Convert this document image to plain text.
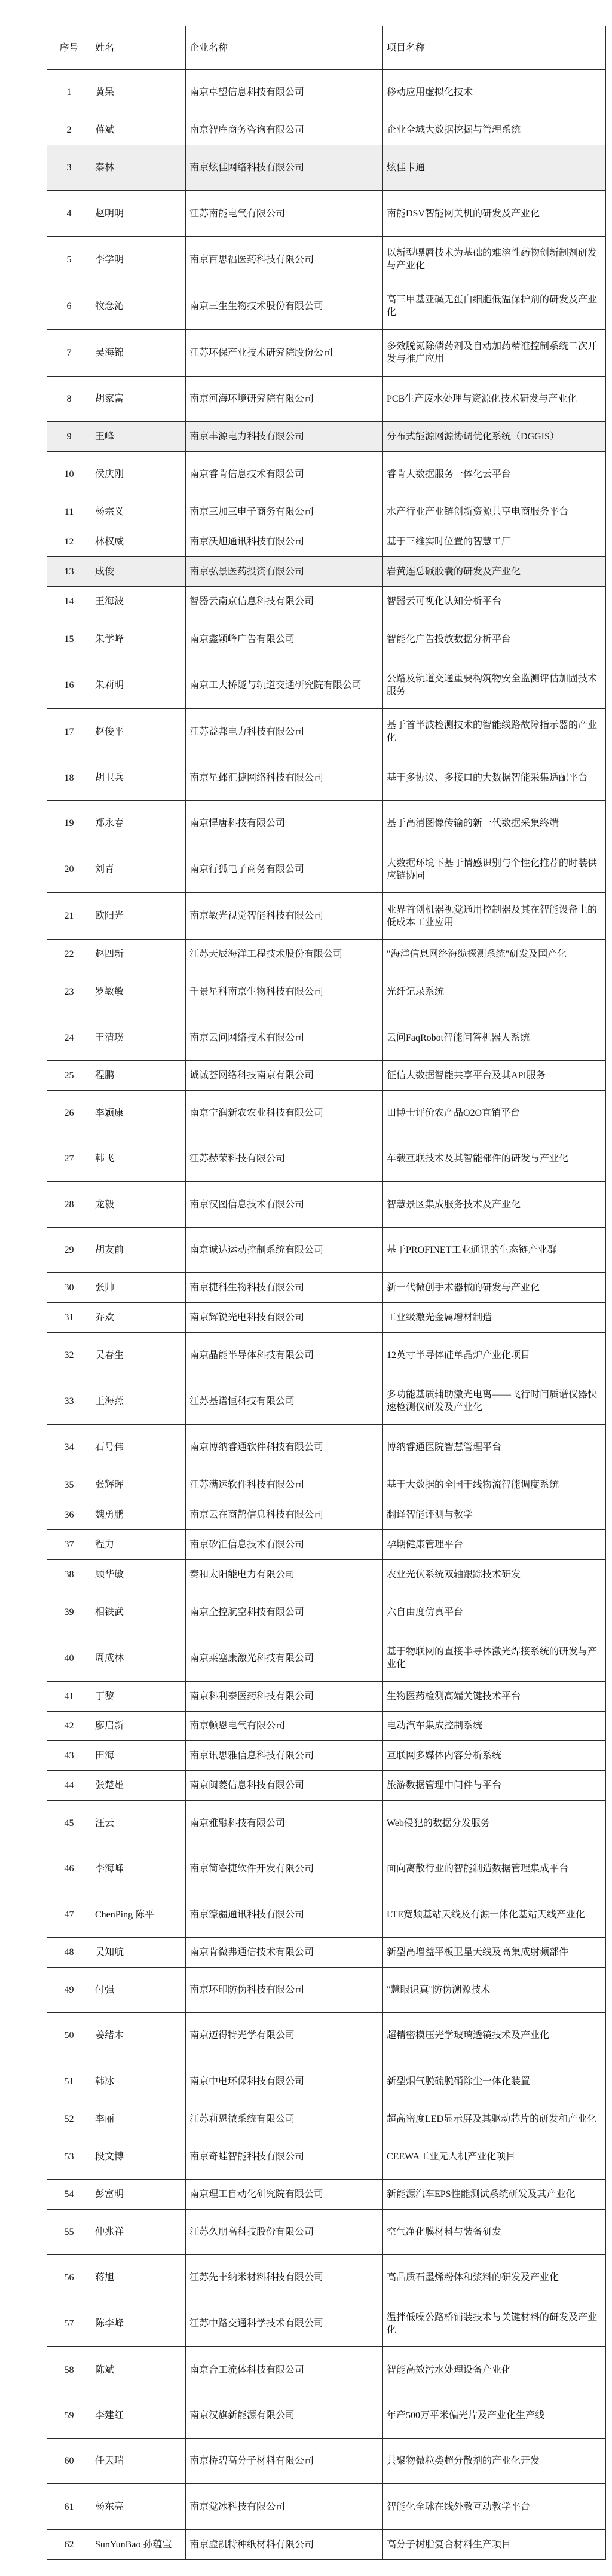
序号	姓名	企业名称	项目名称
1	黄呆	南京卓望信息科技有限公司	移动应用虚拟化技术
2	蒋斌	南京智库商务咨询有限公司	企业全域大数据挖掘与管理系统
3	秦林	南京炫佳网络科技有限公司	炫佳卡通
4	赵明明	江苏南能电气有限公司	南能DSV智能网关机的研发及产业化
5	李学明	南京百思福医药科技有限公司	以新型嘌唇技术为基础的难溶性药物创新制剂研发与产业化
6	牧念沁	南京三生生物技术股份有限公司	高三甲基亚碱无蛋白细胞低温保护剂的研发及产业化
7	吴海锦	江苏环保产业技术研究院股份公司	多效脱氮除磷药剂及自动加药精准控制系统二次开发与推广应用
8	胡家富	南京河海环境研究院有限公司	PCB生产废水处理与资源化技术研发与产业化
9	王峰	南京丰源电力科技有限公司	分布式能源网源协调优化系统（DGGIS）
10	侯庆刚	南京睿肯信息技术有限公司	睿肯大数据服务一体化云平台
11	杨宗义	南京三加三电子商务有限公司	水产行业产业链创新资源共享电商服务平台
12	林权威	南京沃旭通讯科技有限公司	基于三维实时位置的智慧工厂
13	成俊	南京弘景医药投资有限公司	岩黄连总碱胶囊的研发及产业化
14	王海波	智器云南京信息科技有限公司	智器云可视化认知分析平台
15	朱学峰	南京鑫颖峰广告有限公司	智能化广告投放数据分析平台
16	朱莉明	南京工大桥隧与轨道交通研究院有限公司	公路及轨道交通重要构筑物安全监测评估加固技术服务
17	赵俊平	江苏益邦电力科技有限公司	基于首半波检测技术的智能线路故障指示器的产业化
18	胡卫兵	南京星邺汇捷网络科技有限公司	基于多协议、多接口的大数据智能采集适配平台
19	郑永春	南京悍唐科技有限公司	基于高清图像传输的新一代数据采集终端
20	刘青	南京行狐电子商务有限公司	大数据环境下基于情感识别与个性化推荐的时装供应链协同
21	欧阳光	南京敏光视觉智能科技有限公司	业界首创机器视觉通用控制器及其在智能设备上的低成本工业应用
22	赵四新	江苏天辰海洋工程技术股份有限公司	"海洋信息网络海缆探测系统"研发及国产化
23	罗敏敏	千景星科南京生物科技有限公司	光纤记录系统
24	王清璞	南京云问网络技术有限公司	云问FaqRobot智能问答机器人系统
25	程鹏	诚诚荟网络科技南京有限公司	征信大数据智能共享平台及其API服务
26	李颖康	南京宁润新农农业科技有限公司	田博士评价农产品O2O直销平台
27	韩飞	江苏赫荣科技有限公司	车载互联技术及其智能部件的研发与产业化
28	龙毅	南京汉图信息技术有限公司	智慧景区集成服务技术及产业化
29	胡友前	南京诚达运动控制系统有限公司	基于PROFINET工业通讯的生态链产业群
30	张帅	南京捷科生物科技有限公司	新一代微创手术器械的研发与产业化
31	乔欢	南京辉锐光电科技有限公司	工业级激光金属增材制造
32	吴春生	南京晶能半导体科技有限公司	12英寸半导体硅单晶炉产业化项目
33	王海燕	江苏基谱恒科技有限公司	多功能基质辅助激光电离——飞行时间质谱仪器快速检测仪研发及产业化
34	石号伟	南京博纳睿通软件科技有限公司	博纳睿通医院智慧管理平台
35	张辉晖	江苏满运软件科技有限公司	基于大数据的全国干线物流智能调度系统
36	魏勇鹏	南京云在商鹊信息科技有限公司	翻译智能评测与教学
37	程力	南京矽汇信息技术有限公司	孕期健康管理平台
38	顾华敏	奏和太阳能电力有限公司	农业光伏系统双轴跟踪技术研发
39	相铁武	南京全控航空科技有限公司	六自由度仿真平台
40	周成林	南京莱塞康激光科技有限公司	基于物联网的直接半导体激光焊接系统的研发与产业化
41	丁黎	南京科利泰医药科技有限公司	生物医药检测高端关键技术平台
42	廖启新	南京顿恩电气有限公司	电动汽车集成控制系统
43	田海	南京讯思雅信息科技有限公司	互联网多媒体内容分析系统
44	张楚雄	南京闽菱信息科技有限公司	旅游数据管理中间件与平台
45	汪云	南京雅融科技有限公司	Web侵犯的数据分发服务
46	李海峰	南京简睿捷软件开发有限公司	面向离散行业的智能制造数据管理集成平台
47	ChenPing 陈平	南京濠疆通讯科技有限公司	LTE宽频基站天线及有源一体化基站天线产业化
48	吴知航	南京肯微弗通信技术有限公司	新型高增益平板卫星天线及高集成射频部件
49	付强	南京环印防伪科技有限公司	"慧眼识真"防伪溯源技术
50	姜绪木	南京迈得特光学有限公司	超精密模压光学玻璃透镜技术及产业化
51	韩冰	南京中电环保科技有限公司	新型烟气脱硫脱硝除尘一体化装置
52	李丽	江苏莉恩微系统有限公司	超高密度LED显示屏及其驱动芯片的研发和产业化
53	段文博	南京奇蛙智能科技有限公司	CEEWA工业无人机产业化项目
54	彭富明	南京理工自动化研究院有限公司	新能源汽车EPS性能测试系统研发及其产业化
55	仲兆祥	江苏久朋高科技股份有限公司	空气净化膜材料与装备研发
56	蒋旭	江苏先丰纳米材料科技有限公司	高品质石墨烯粉体和浆料的研发及产业化
57	陈李峰	江苏中路交通科学技术有限公司	温拌低噪公路桥铺装技术与关键材料的研发及产业化
58	陈斌	南京合工流体科技有限公司	智能高效污水处理设备产业化
59	李建红	南京汉旗新能源有限公司	年产500万平米偏光片及产业化生产线
60	任天瑞	南京桥碧高分子材料有限公司	共聚物微粒类超分散剂的产业化开发
61	杨东亮	南京觉冰科技有限公司	智能化全球在线外教互动教学平台
62	SunYunBao 孙蕴宝	南京虚凯特种纸材料有限公司	高分子树脂复合材料生产项目
